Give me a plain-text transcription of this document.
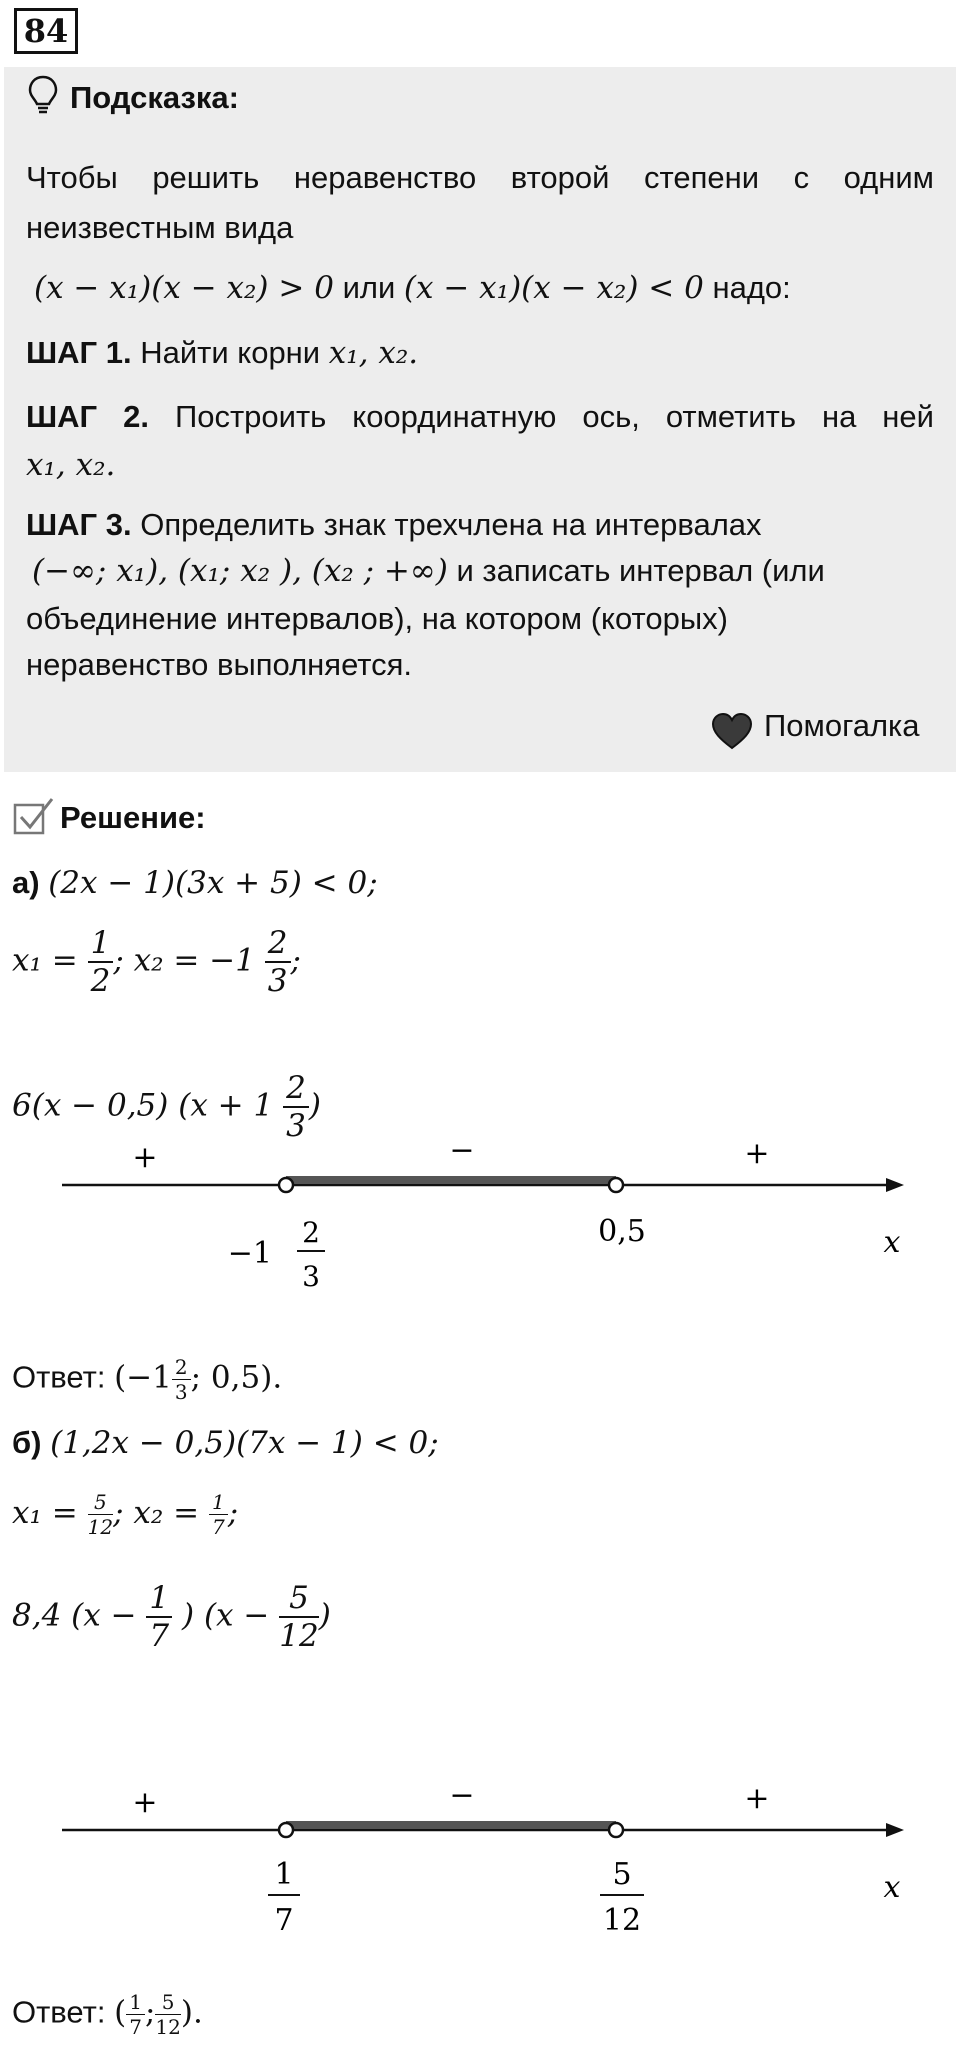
84
Подсказка:
Чтобы решить неравенство второй степени с одним
неизвестным вида
(x − x₁)(x − x₂) > 0 или (x − x₁)(x − x₂) < 0 надо:
ШАГ 1. Найти корни x₁, x₂.
ШАГ 2. Построить координатную ось, отметить на ней
x₁, x₂.
ШАГ 3. Определить знак трехчлена на интервалах
(−∞; x₁), (x₁; x₂ ), (x₂ ; +∞) и записать интервал (или
объединение интервалов), на котором (которых)
неравенство выполняется.
Помогалка
Решение:
а) (2x − 1)(3x + 5) < 0;
$x_1 = \frac{1}{2}$ ; $x_2 = -1 \frac{2}{3}$ ;
6(x − 0,5) ($x + 1 \frac{2}{3}$ )
+	−	+
−1
2
3
0,5	x
Ответ: ($-1 \frac{2}{3}$ ; 0,5).
б) (1,2x − 0,5)(7x − 1) < 0;
$x_1 = \frac{5}{12}$ ; $x_2 = \frac{1}{7}$ ;
8,4 ($x - \frac{1}{7}$ ) ($x - \frac{5}{12}$ )
+	−	+
1
7
5
12
x
Ответ: ( $\frac{1}{7}$ ; $\frac{5}{12}$ ).
